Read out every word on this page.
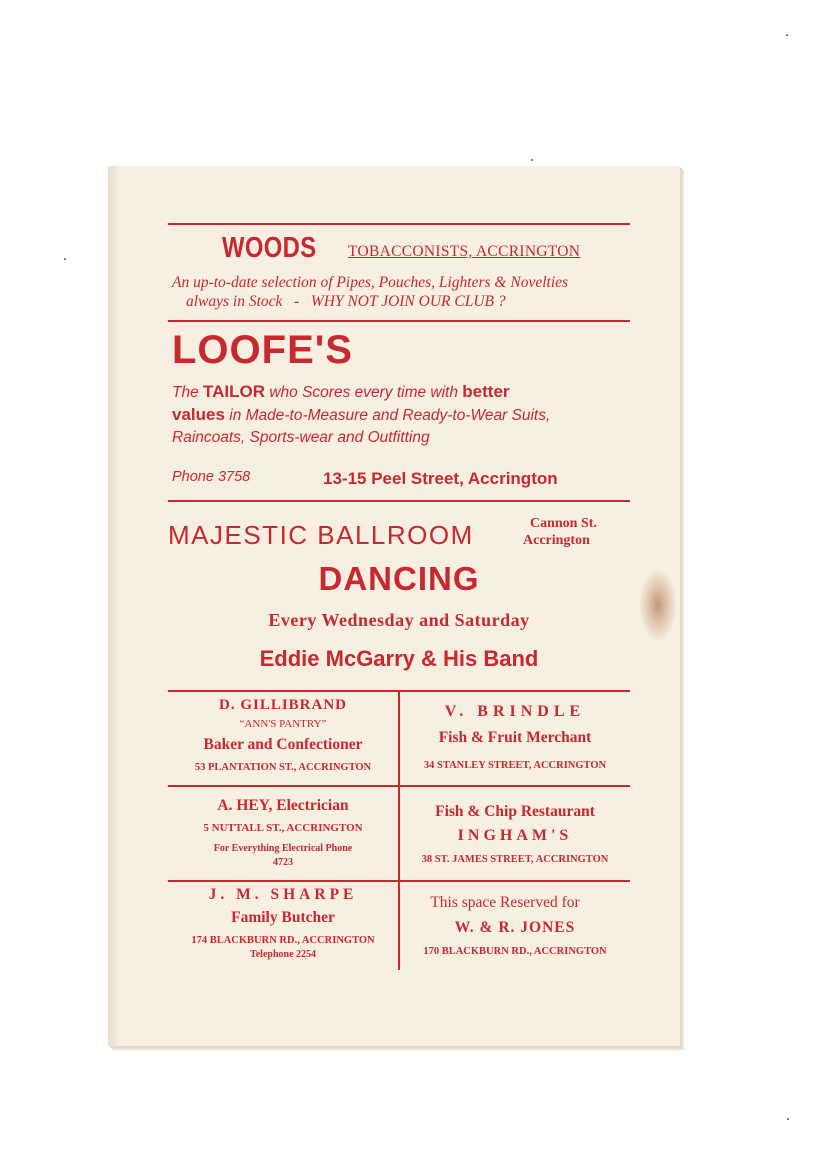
WOODS TOBACCONISTS, ACCRINGTON
An up-to-date selection of Pipes, Pouches, Lighters & Novelties
always in Stock   -   WHY NOT JOIN OUR CLUB ?
LOOFE'S
The TAILOR who Scores every time with better
values in Made-to-Measure and Ready-to-Wear Suits,
Raincoats, Sports-wear and Outfitting
Phone 3758	13-15 Peel Street, Accrington
MAJESTIC BALLROOM	Cannon St.
Accrington
DANCING
Every Wednesday and Saturday
Eddie McGarry & His Band
D. GILLIBRAND
“ANN'S PANTRY”
Baker and Confectioner
53 PLANTATION ST., ACCRINGTON
V. BRINDLE
Fish & Fruit Merchant
34 STANLEY STREET, ACCRINGTON
A. HEY, Electrician
5 NUTTALL ST., ACCRINGTON
For Everything Electrical Phone
4723
Fish & Chip Restaurant
INGHAM'S
38 ST. JAMES STREET, ACCRINGTON
J. M. SHARPE
Family Butcher
174 BLACKBURN RD., ACCRINGTON
Telephone 2254
This space Reserved for
W. & R. JONES
170 BLACKBURN RD., ACCRINGTON
